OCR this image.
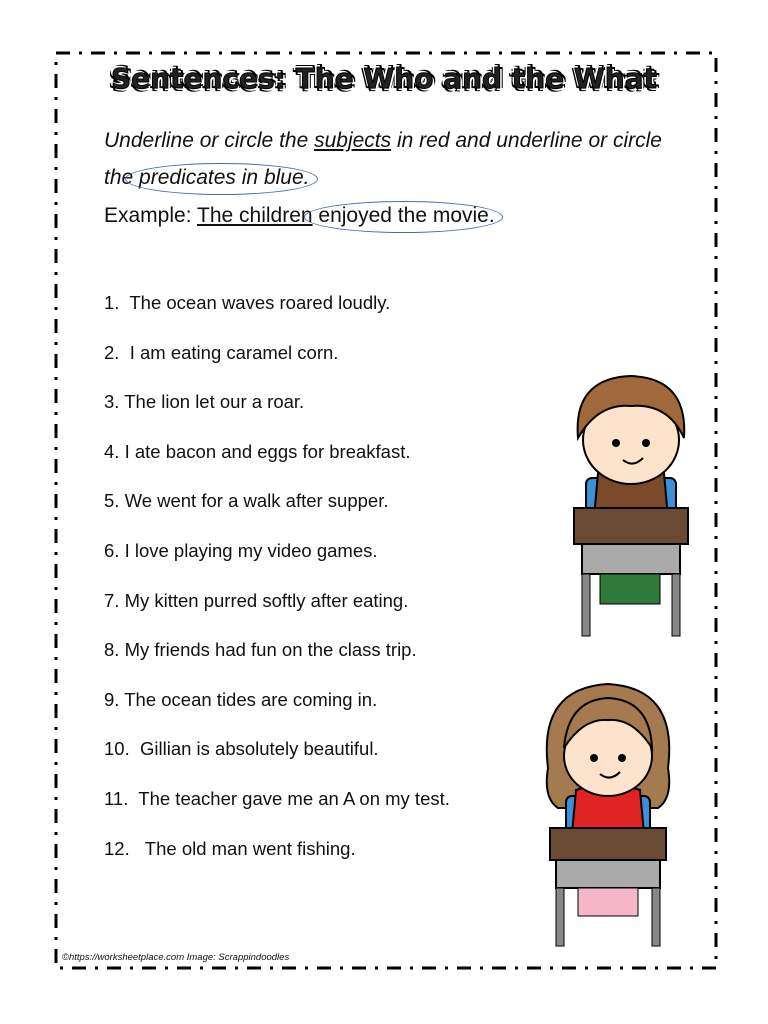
Sentences: The Who and the What
Underline or circle the subjects in red and underline or circle the predicates in blue.
Example: The children enjoyed the movie.
1.  The ocean waves roared loudly.
2.  I am eating caramel corn.
3. The lion let our a roar.
4. I ate bacon and eggs for breakfast.
5. We went for a walk after supper.
6. I love playing my video games.
7. My kitten purred softly after eating.
8. My friends had fun on the class trip.
9. The ocean tides are coming in.
10.  Gillian is absolutely beautiful.
11.  The teacher gave me an A on my test.
12.   The old man went fishing.
©https://worksheetplace.com Image: Scrappindoodles
